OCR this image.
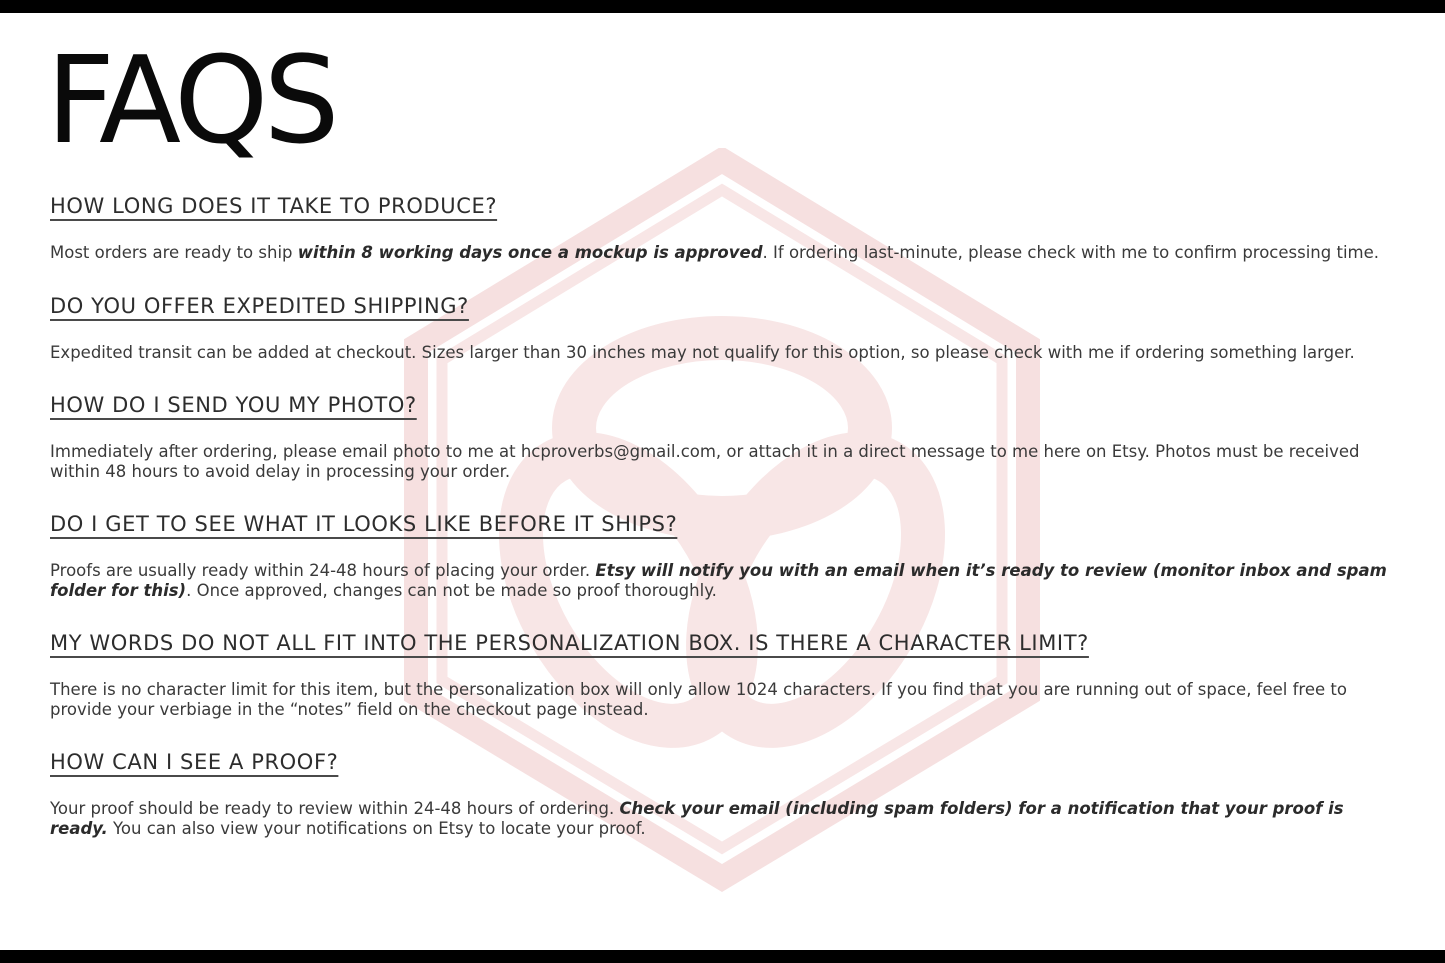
FAQS
HOW LONG DOES IT TAKE TO PRODUCE?

Most orders are ready to ship within 8 working days once a mockup is approved. If ordering last-minute, please check with me to confirm processing time.

DO YOU OFFER EXPEDITED SHIPPING?

Expedited transit can be added at checkout. Sizes larger than 30 inches may not qualify for this option, so please check with me if ordering something larger.

HOW DO I SEND YOU MY PHOTO?

Immediately after ordering, please email photo to me at hcproverbs@gmail.com, or attach it in a direct message to me here on Etsy. Photos must be received within 48 hours to avoid delay in processing your order.

DO I GET TO SEE WHAT IT LOOKS LIKE BEFORE IT SHIPS?

Proofs are usually ready within 24-48 hours of placing your order. Etsy will notify you with an email when it’s ready to review (monitor inbox and spam folder for this). Once approved, changes can not be made so proof thoroughly.

MY WORDS DO NOT ALL FIT INTO THE PERSONALIZATION BOX. IS THERE A CHARACTER LIMIT?

There is no character limit for this item, but the personalization box will only allow 1024 characters. If you find that you are running out of space, feel free to provide your verbiage in the “notes” field on the checkout page instead.

HOW CAN I SEE A PROOF?

Your proof should be ready to review within 24-48 hours of ordering. Check your email (including spam folders) for a notification that your proof is ready. You can also view your notifications on Etsy to locate your proof.
